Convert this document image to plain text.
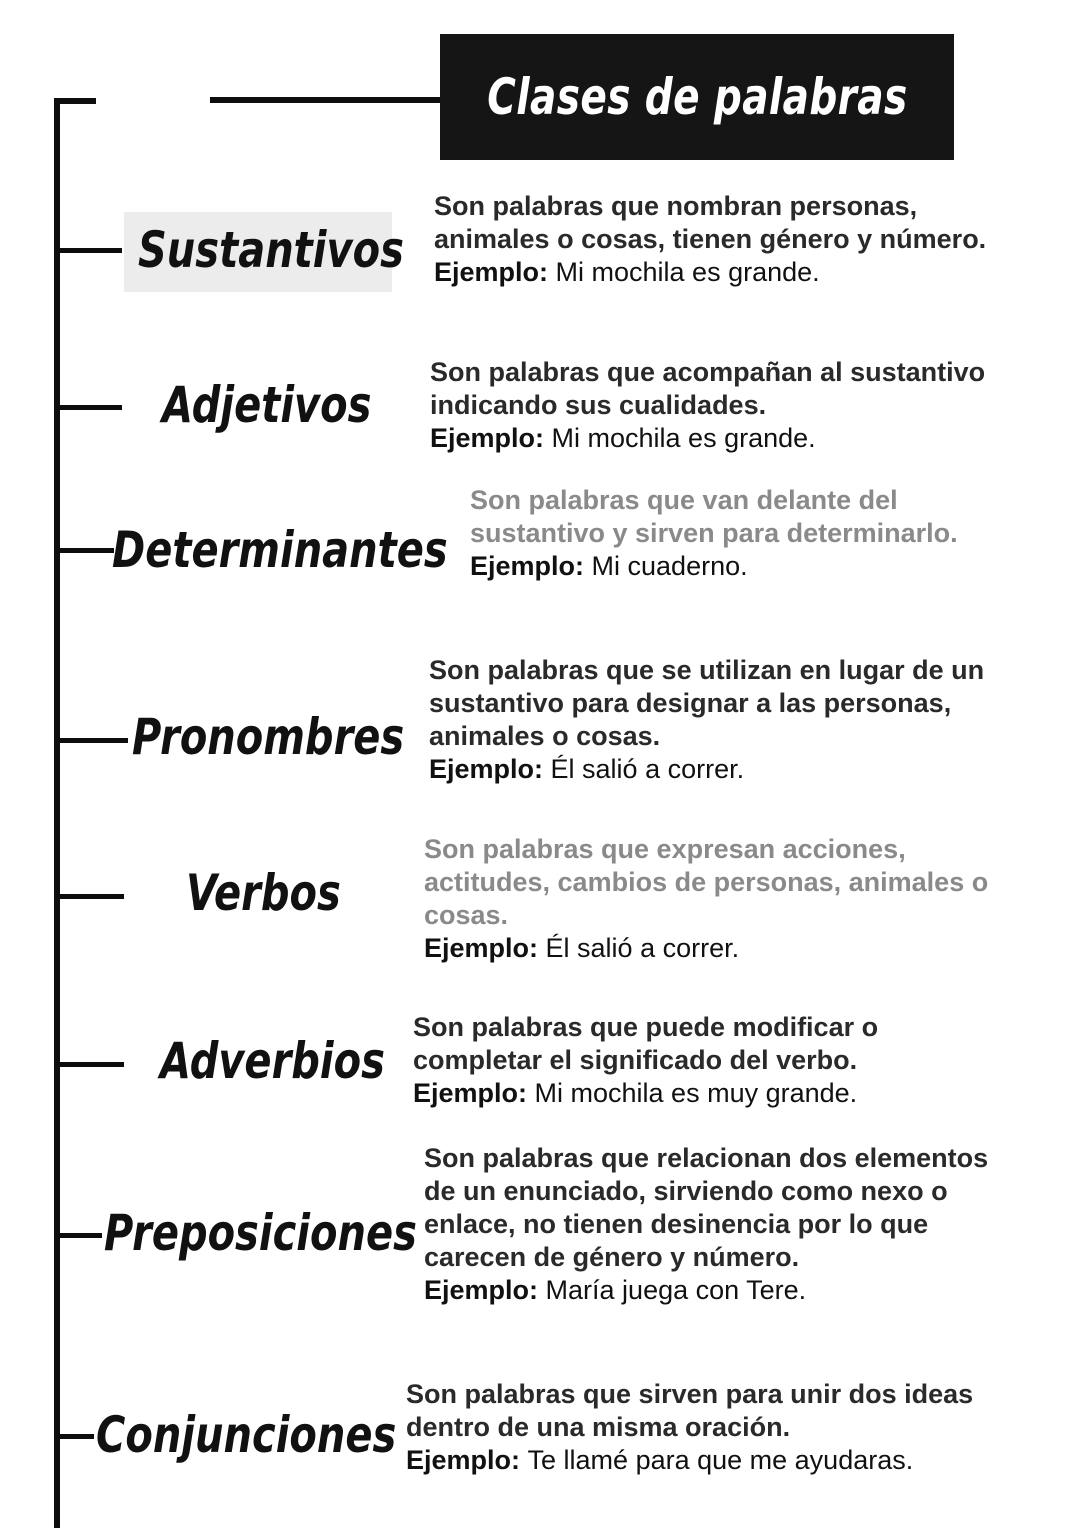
Clases de palabras
Sustantivos
Son palabras que nombran personas, animales o cosas, tienen género y número.
Ejemplo: Mi mochila es grande.
Adjetivos
Son palabras que acompañan al sustantivo indicando sus cualidades.
Ejemplo: Mi mochila es grande.
Determinantes
Son palabras que van delante del sustantivo y sirven para determinarlo.
Ejemplo: Mi cuaderno.
Pronombres
Son palabras que se utilizan en lugar de un sustantivo para designar a las personas, animales o cosas.
Ejemplo: Él salió a correr.
Verbos
Son palabras que expresan acciones, actitudes, cambios de personas, animales o cosas.
Ejemplo: Él salió a correr.
Adverbios
Son palabras que puede modificar o completar el significado del verbo.
Ejemplo: Mi mochila es muy grande.
Preposiciones
Son palabras que relacionan dos elementos de un enunciado, sirviendo como nexo o enlace, no tienen desinencia por lo que carecen de género y número.
Ejemplo: María juega con Tere.
Conjunciones
Son palabras que sirven para unir dos ideas dentro de una misma oración.
Ejemplo: Te llamé para que me ayudaras.
